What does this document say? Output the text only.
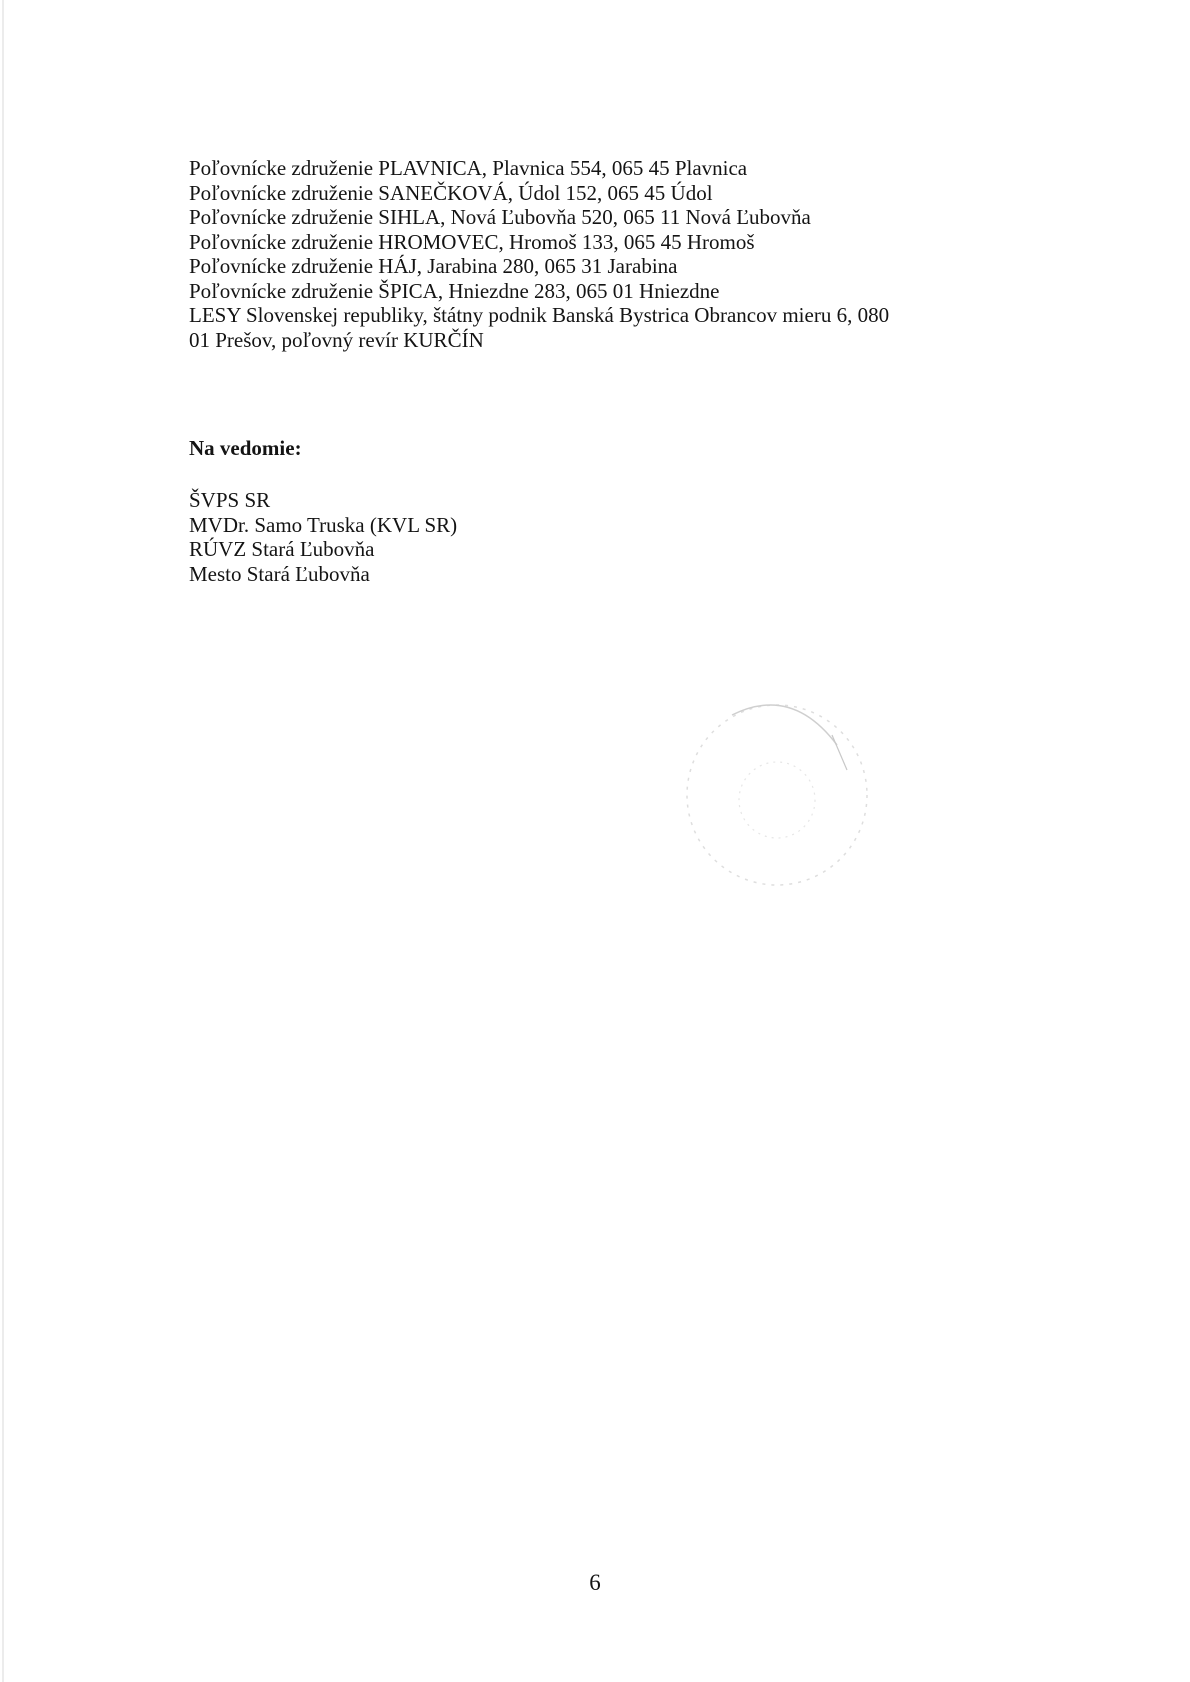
Poľovnícke združenie PLAVNICA, Plavnica 554, 065 45 Plavnica
Poľovnícke združenie SANEČKOVÁ, Údol 152, 065 45 Údol
Poľovnícke združenie SIHLA, Nová Ľubovňa 520, 065 11 Nová Ľubovňa
Poľovnícke združenie HROMOVEC, Hromoš 133, 065 45 Hromoš
Poľovnícke združenie HÁJ, Jarabina 280, 065 31 Jarabina
Poľovnícke združenie ŠPICA, Hniezdne 283, 065 01 Hniezdne
LESY Slovenskej republiky, štátny podnik Banská Bystrica Obrancov mieru 6, 080
01 Prešov, poľovný revír KURČÍN
Na vedomie:
ŠVPS SR
MVDr. Samo Truska (KVL SR)
RÚVZ Stará Ľubovňa
Mesto Stará Ľubovňa
6
